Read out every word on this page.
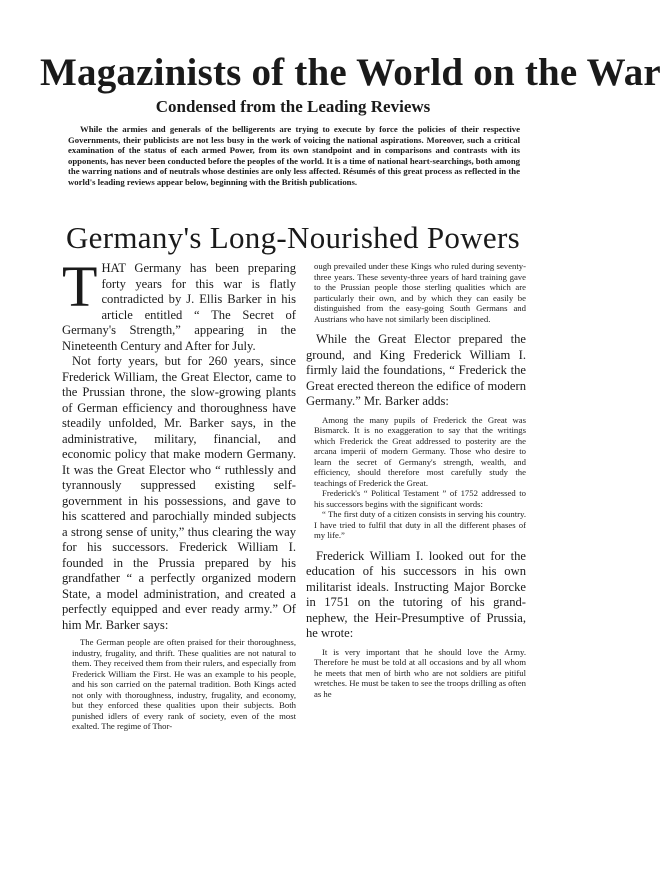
Magazinists of the World on the War
Condensed from the Leading Reviews

While the armies and generals of the belligerents are trying to execute by force the policies of their respective Governments, their publicists are not less busy in the work of voicing the national aspirations. Moreover, such a critical examination of the status of each armed Power, from its own standpoint and in comparisons and contrasts with its opponents, has never been conducted before the peoples of the world. It is a time of national heart-searchings, both among the warring nations and of neutrals whose destinies are only less affected. Résumés of this great process as reflected in the world's leading reviews appear below, beginning with the British publications.

Germany's Long-Nourished Powers

THAT Germany has been preparing forty years for this war is flatly contradicted by J. Ellis Barker in his article entitled “ The Secret of Germany's Strength,” appearing in the Nineteenth Century and After for July.

Not forty years, but for 260 years, since Frederick William, the Great Elector, came to the Prussian throne, the slow-growing plants of German efficiency and thoroughness have steadily unfolded, Mr. Barker says, in the administrative, military, financial, and economic policy that make modern Germany. It was the Great Elector who “ ruthlessly and tyrannously suppressed existing self-government in his possessions, and gave to his scattered and parochially minded subjects a strong sense of unity,” thus clearing the way for his successors. Frederick William I. founded in the Prussia prepared by his grandfather “ a perfectly organized modern State, a model administration, and created a perfectly equipped and ever ready army.” Of him Mr. Barker says:

The German people are often praised for their thoroughness, industry, frugality, and thrift. These qualities are not natural to them. They received them from their rulers, and especially from Frederick William the First. He was an example to his people, and his son carried on the paternal tradition. Both Kings acted not only with thoroughness, industry, frugality, and economy, but they enforced these qualities upon their subjects. Both punished idlers of every rank of society, even of the most exalted. The regime of Thor-

ough prevailed under these Kings who ruled during seventy-three years. These seventy-three years of hard training gave to the Prussian people those sterling qualities which are particularly their own, and by which they can easily be distinguished from the easy-going South Germans and Austrians who have not similarly been disciplined.

While the Great Elector prepared the ground, and King Frederick William I. firmly laid the foundations, “ Frederick the Great erected thereon the edifice of modern Germany.” Mr. Barker adds:

Among the many pupils of Frederick the Great was Bismarck. It is no exaggeration to say that the writings which Frederick the Great addressed to posterity are the arcana imperii of modern Germany. Those who desire to learn the secret of Germany's strength, wealth, and efficiency, should therefore most carefully study the teachings of Frederick the Great.

Frederick's “ Political Testament ” of 1752 addressed to his successors begins with the significant words:

“ The first duty of a citizen consists in serving his country. I have tried to fulfil that duty in all the different phases of my life.”

Frederick William I. looked out for the education of his successors in his own militarist ideals. Instructing Major Borcke in 1751 on the tutoring of his grand-nephew, the Heir-Presumptive of Prussia, he wrote:

It is very important that he should love the Army. Therefore he must be told at all occasions and by all whom he meets that men of birth who are not soldiers are pitiful wretches. He must be taken to see the troops drilling as often as he
